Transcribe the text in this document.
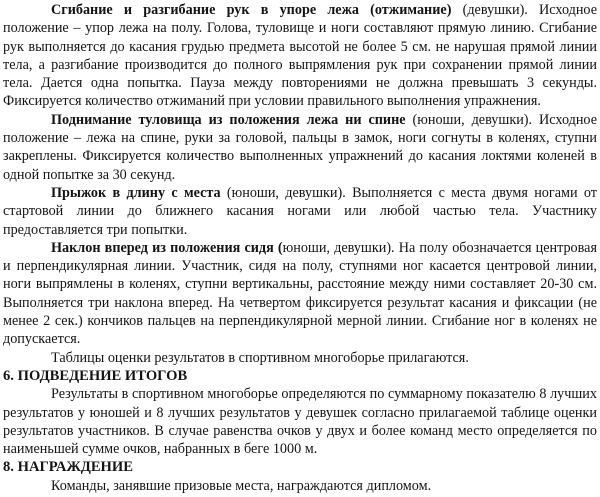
Сгибание и разгибание рук в упоре лежа (отжимание) (девушки). Исходное положение – упор лежа на полу. Голова, туловище и ноги составляют прямую линию. Сгибание рук выполняется до касания грудью предмета высотой не более 5 см. не нарушая прямой линии тела, а разгибание производится до полного выпрямления рук при сохранении прямой линии тела. Дается одна попытка. Пауза между повторениями не должна превышать 3 секунды. Фиксируется количество отжиманий при условии правильного выполнения упражнения.

Поднимание туловища из положения лежа ни спине (юноши, девушки). Исходное положение – лежа на спине, руки за головой, пальцы в замок, ноги согнуты в коленях, ступни закреплены. Фиксируется количество выполненных упражнений до касания локтями коленей в одной попытке за 30 секунд.

Прыжок в длину с места (юноши, девушки). Выполняется с места двумя ногами от стартовой линии до ближнего касания ногами или любой частью тела. Участнику предоставляется три попытки.

Наклон вперед из положения сидя (юноши, девушки). На полу обозначается центровая и перпендикулярная линии. Участник, сидя на полу, ступнями ног касается центровой линии, ноги выпрямлены в коленях, ступни вертикальны, расстояние между ними составляет 20-30 см. Выполняется три наклона вперед. На четвертом фиксируется результат касания и фиксации (не менее 2 сек.) кончиков пальцев на перпендикулярной мерной линии. Сгибание ног в коленях не допускается.

Таблицы оценки результатов в спортивном многоборье прилагаются.

6. ПОДВЕДЕНИЕ ИТОГОВ

Результаты в спортивном многоборье определяются по суммарному показателю 8 лучших результатов у юношей и 8 лучших результатов у девушек согласно прилагаемой таблице оценки результатов участников. В случае равенства очков у двух и более команд место определяется по наименьшей сумме очков, набранных в беге 1000 м.

8. НАГРАЖДЕНИЕ

Команды, занявшие призовые места, награждаются дипломом.
